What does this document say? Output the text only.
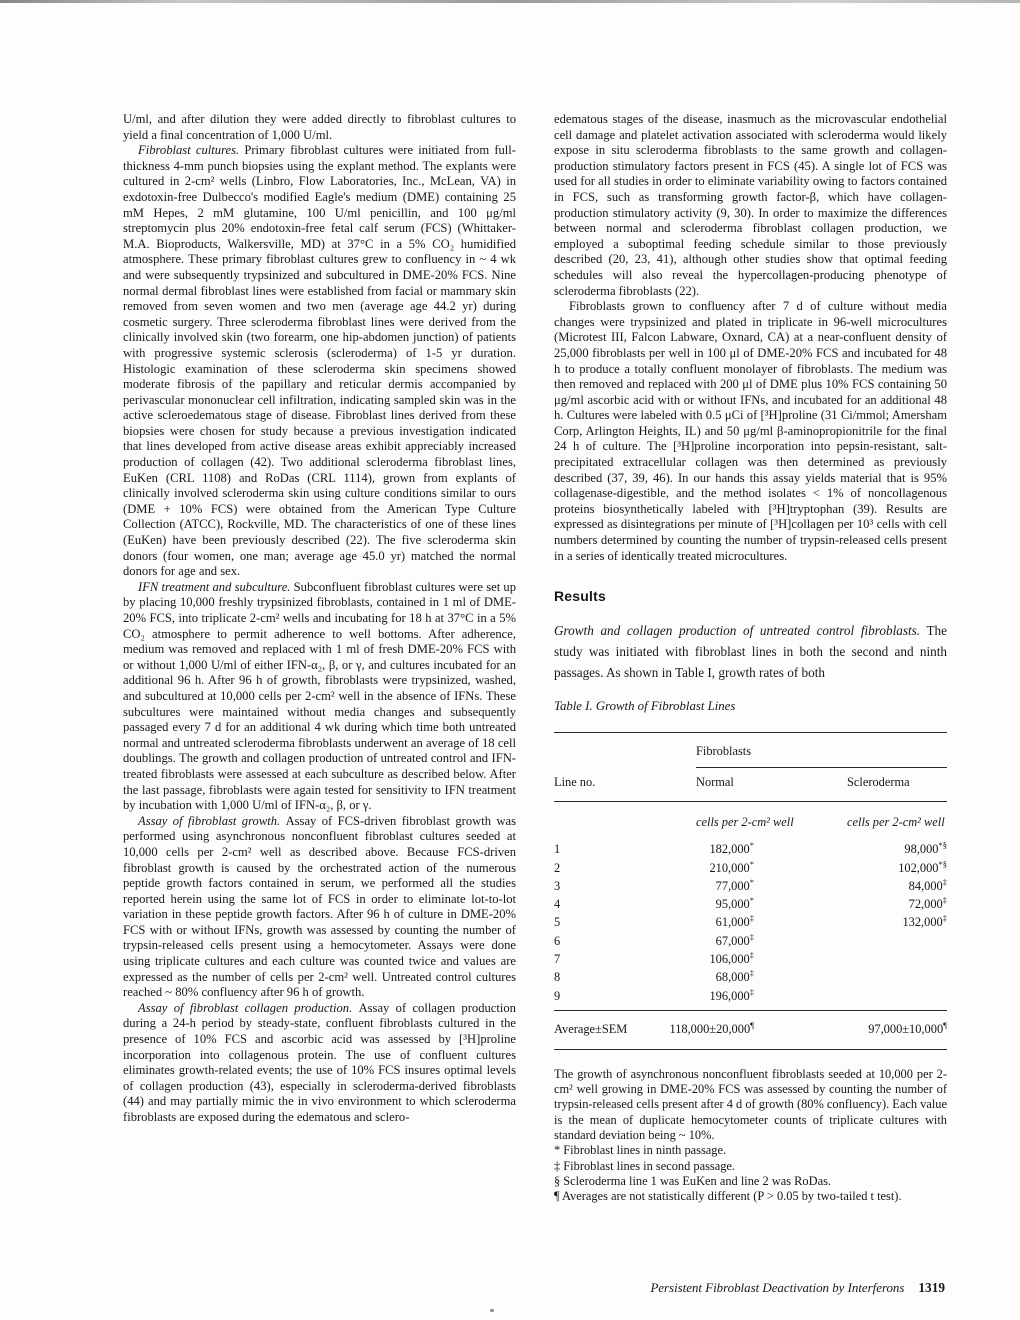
U/ml, and after dilution they were added directly to fibroblast cultures to yield a final concentration of 1,000 U/ml.

Fibroblast cultures. Primary fibroblast cultures were initiated from full-thickness 4-mm punch biopsies using the explant method. The explants were cultured in 2-cm² wells (Linbro, Flow Laboratories, Inc., McLean, VA) in exdotoxin-free Dulbecco's modified Eagle's medium (DME) containing 25 mM Hepes, 2 mM glutamine, 100 U/ml penicillin, and 100 μg/ml streptomycin plus 20% endotoxin-free fetal calf serum (FCS) (Whittaker-M.A. Bioproducts, Walkersville, MD) at 37°C in a 5% CO₂ humidified atmosphere. These primary fibroblast cultures grew to confluency in ~ 4 wk and were subsequently trypsinized and subcultured in DME-20% FCS. Nine normal dermal fibroblast lines were established from facial or mammary skin removed from seven women and two men (average age 44.2 yr) during cosmetic surgery. Three scleroderma fibroblast lines were derived from the clinically involved skin (two forearm, one hip-abdomen junction) of patients with progressive systemic sclerosis (scleroderma) of 1-5 yr duration. Histologic examination of these scleroderma skin specimens showed moderate fibrosis of the papillary and reticular dermis accompanied by perivascular mononuclear cell infiltration, indicating sampled skin was in the active scleroedematous stage of disease. Fibroblast lines derived from these biopsies were chosen for study because a previous investigation indicated that lines developed from active disease areas exhibit appreciably increased production of collagen (42). Two additional scleroderma fibroblast lines, EuKen (CRL 1108) and RoDas (CRL 1114), grown from explants of clinically involved scleroderma skin using culture conditions similar to ours (DME + 10% FCS) were obtained from the American Type Culture Collection (ATCC), Rockville, MD. The characteristics of one of these lines (EuKen) have been previously described (22). The five scleroderma skin donors (four women, one man; average age 45.0 yr) matched the normal donors for age and sex.

IFN treatment and subculture. Subconfluent fibroblast cultures were set up by placing 10,000 freshly trypsinized fibroblasts, contained in 1 ml of DME-20% FCS, into triplicate 2-cm² wells and incubating for 18 h at 37°C in a 5% CO₂ atmosphere to permit adherence to well bottoms. After adherence, medium was removed and replaced with 1 ml of fresh DME-20% FCS with or without 1,000 U/ml of either IFN-α₂, β, or γ, and cultures incubated for an additional 96 h. After 96 h of growth, fibroblasts were trypsinized, washed, and subcultured at 10,000 cells per 2-cm² well in the absence of IFNs. These subcultures were maintained without media changes and subsequently passaged every 7 d for an additional 4 wk during which time both untreated normal and untreated scleroderma fibroblasts underwent an average of 18 cell doublings. The growth and collagen production of untreated control and IFN-treated fibroblasts were assessed at each subculture as described below. After the last passage, fibroblasts were again tested for sensitivity to IFN treatment by incubation with 1,000 U/ml of IFN-α₂, β, or γ.

Assay of fibroblast growth. Assay of FCS-driven fibroblast growth was performed using asynchronous nonconfluent fibroblast cultures seeded at 10,000 cells per 2-cm² well as described above. Because FCS-driven fibroblast growth is caused by the orchestrated action of the numerous peptide growth factors contained in serum, we performed all the studies reported herein using the same lot of FCS in order to eliminate lot-to-lot variation in these peptide growth factors. After 96 h of culture in DME-20% FCS with or without IFNs, growth was assessed by counting the number of trypsin-released cells present using a hemocytometer. Assays were done using triplicate cultures and each culture was counted twice and values are expressed as the number of cells per 2-cm² well. Untreated control cultures reached ~ 80% confluency after 96 h of growth.

Assay of fibroblast collagen production. Assay of collagen production during a 24-h period by steady-state, confluent fibroblasts cultured in the presence of 10% FCS and ascorbic acid was assessed by [³H]proline incorporation into collagenous protein. The use of confluent cultures eliminates growth-related events; the use of 10% FCS insures optimal levels of collagen production (43), especially in scleroderma-derived fibroblasts (44) and may partially mimic the in vivo environment to which scleroderma fibroblasts are exposed during the edematous and sclero-

edematous stages of the disease, inasmuch as the microvascular endothelial cell damage and platelet activation associated with scleroderma would likely expose in situ scleroderma fibroblasts to the same growth and collagen-production stimulatory factors present in FCS (45). A single lot of FCS was used for all studies in order to eliminate variability owing to factors contained in FCS, such as transforming growth factor-β, which have collagen-production stimulatory activity (9, 30). In order to maximize the differences between normal and scleroderma fibroblast collagen production, we employed a suboptimal feeding schedule similar to those previously described (20, 23, 41), although other studies show that optimal feeding schedules will also reveal the hypercollagen-producing phenotype of scleroderma fibroblasts (22).

Fibroblasts grown to confluency after 7 d of culture without media changes were trypsinized and plated in triplicate in 96-well microcultures (Microtest III, Falcon Labware, Oxnard, CA) at a near-confluent density of 25,000 fibroblasts per well in 100 μl of DME-20% FCS and incubated for 48 h to produce a totally confluent monolayer of fibroblasts. The medium was then removed and replaced with 200 μl of DME plus 10% FCS containing 50 μg/ml ascorbic acid with or without IFNs, and incubated for an additional 48 h. Cultures were labeled with 0.5 μCi of [³H]proline (31 Ci/mmol; Amersham Corp, Arlington Heights, IL) and 50 μg/ml β-aminopropionitrile for the final 24 h of culture. The [³H]proline incorporation into pepsin-resistant, salt-precipitated extracellular collagen was then determined as previously described (37, 39, 46). In our hands this assay yields material that is 95% collagenase-digestible, and the method isolates < 1% of noncollagenous proteins biosynthetically labeled with [³H]tryptophan (39). Results are expressed as disintegrations per minute of [³H]collagen per 10³ cells with cell numbers determined by counting the number of trypsin-released cells present in a series of identically treated microcultures.

Results

Growth and collagen production of untreated control fibroblasts. The study was initiated with fibroblast lines in both the second and ninth passages. As shown in Table I, growth rates of both

Table I. Growth of Fibroblast Lines
Fibroblasts
Line no.	Normal	Scleroderma
cells per 2-cm² well	cells per 2-cm² well
1	182,000*	98,000*§
2	210,000*	102,000*§
3	77,000*	84,000‡
4	95,000*	72,000‡
5	61,000‡	132,000‡
6	67,000‡
7	106,000‡
8	68,000‡
9	196,000‡
Average±SEM	118,000±20,000¶	97,000±10,000¶
The growth of asynchronous nonconfluent fibroblasts seeded at 10,000 per 2-cm² well growing in DME-20% FCS was assessed by counting the number of trypsin-released cells present after 4 d of growth (80% confluency). Each value is the mean of duplicate hemocytometer counts of triplicate cultures with standard deviation being ~ 10%.
* Fibroblast lines in ninth passage.
‡ Fibroblast lines in second passage.
§ Scleroderma line 1 was EuKen and line 2 was RoDas.
¶ Averages are not statistically different (P > 0.05 by two-tailed t test).
Persistent Fibroblast Deactivation by Interferons 1319
